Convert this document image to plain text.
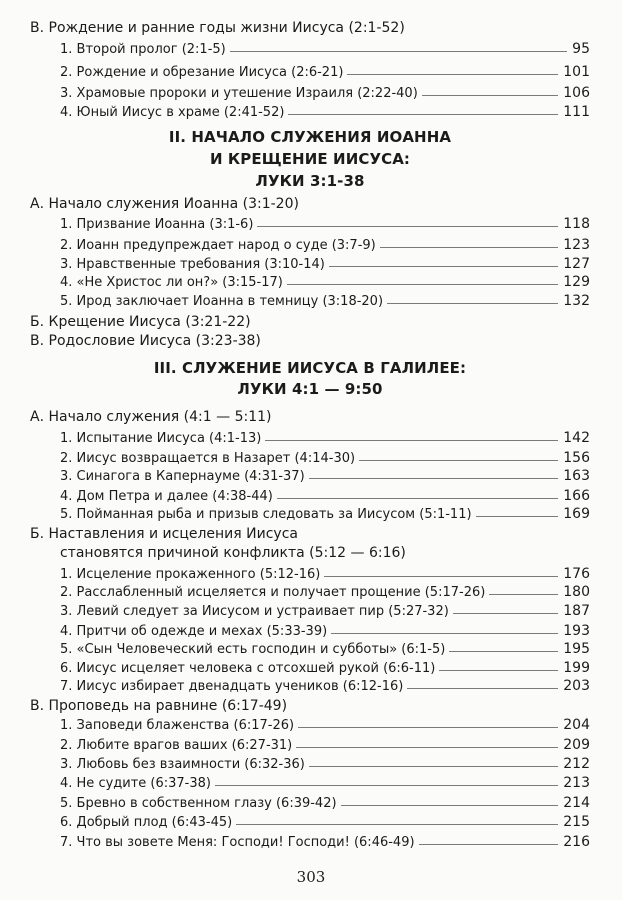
В. Рождение и ранние годы жизни Иисуса (2:1-52)
1. Второй пролог (2:1-5)	95
2. Рождение и обрезание Иисуса (2:6-21)	101
3. Храмовые пророки и утешение Израиля (2:22-40)	106
4. Юный Иисус в храме (2:41-52)	111
II. НАЧАЛО СЛУЖЕНИЯ ИОАННА
И КРЕЩЕНИЕ ИИСУСА:
ЛУКИ 3:1-38
А. Начало служения Иоанна (3:1-20)
1. Призвание Иоанна (3:1-6)	118
2. Иоанн предупреждает народ о суде (3:7-9)	123
3. Нравственные требования (3:10-14)	127
4. «Не Христос ли он?» (3:15-17)	129
5. Ирод заключает Иоанна в темницу (3:18-20)	132
Б. Крещение Иисуса (3:21-22)
В. Родословие Иисуса (3:23-38)
III. СЛУЖЕНИЕ ИИСУСА В ГАЛИЛЕЕ:
ЛУКИ 4:1 — 9:50
А. Начало служения (4:1 — 5:11)
1. Испытание Иисуса (4:1-13)	142
2. Иисус возвращается в Назарет (4:14-30)	156
3. Синагога в Капернауме (4:31-37)	163
4. Дом Петра и далее (4:38-44)	166
5. Пойманная рыба и призыв следовать за Иисусом (5:1-11)	169
Б. Наставления и исцеления Иисуса
становятся причиной конфликта (5:12 — 6:16)
1. Исцеление прокаженного (5:12-16)	176
2. Расслабленный исцеляется и получает прощение (5:17-26)	180
3. Левий следует за Иисусом и устраивает пир (5:27-32)	187
4. Притчи об одежде и мехах (5:33-39)	193
5. «Сын Человеческий есть господин и субботы» (6:1-5)	195
6. Иисус исцеляет человека с отсохшей рукой (6:6-11)	199
7. Иисус избирает двенадцать учеников (6:12-16)	203
В. Проповедь на равнине (6:17-49)
1. Заповеди блаженства (6:17-26)	204
2. Любите врагов ваших (6:27-31)	209
3. Любовь без взаимности (6:32-36)	212
4. Не судите (6:37-38)	213
5. Бревно в собственном глазу (6:39-42)	214
6. Добрый плод (6:43-45)	215
7. Что вы зовете Меня: Господи! Господи! (6:46-49)	216
303
